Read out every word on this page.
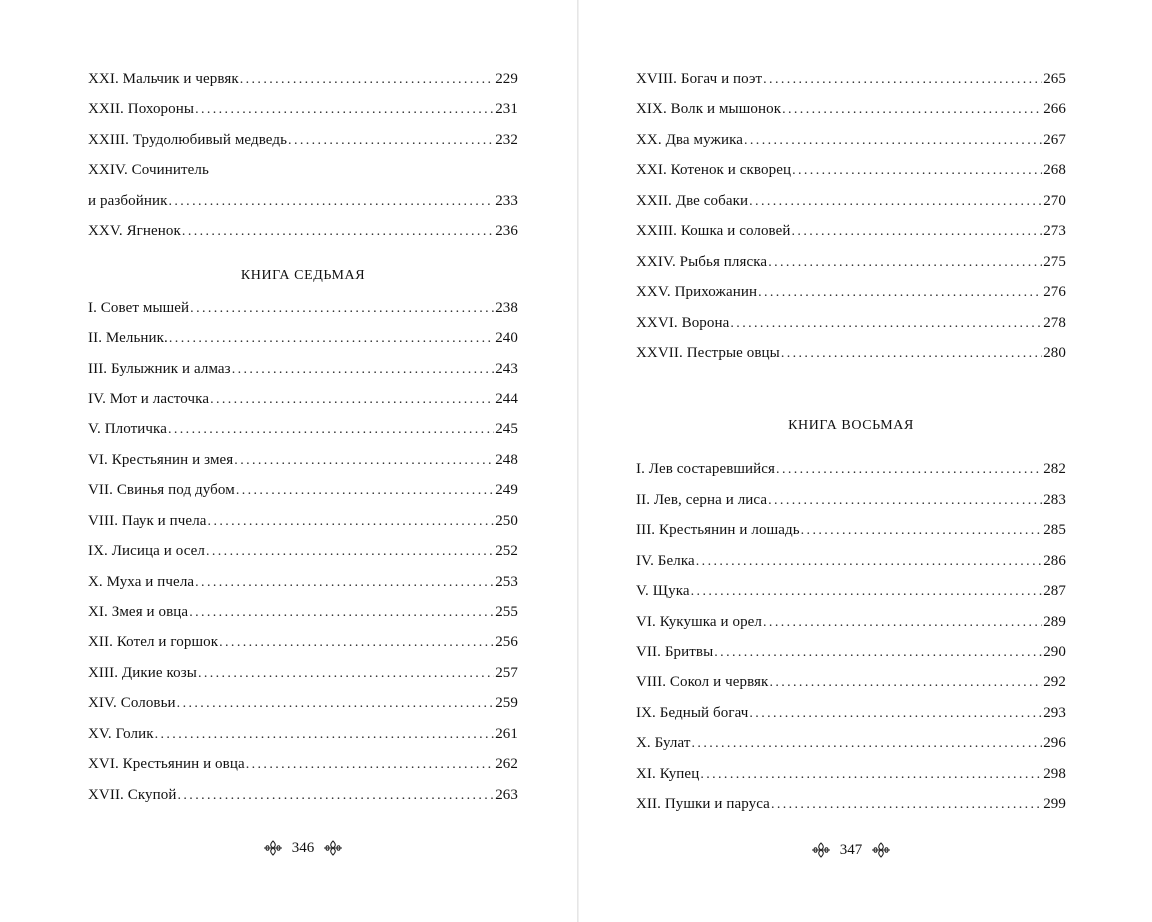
XXI. Мальчик и червяк .....	229
XXII. Похороны .....	231
XXIII. Трудолюбивый медведь .....	232
XXIV. Сочинитель
и разбойник .....	233
XXV. Ягненок .....	236
КНИГА СЕДЬМАЯ
I. Совет мышей .....	238
II. Мельник. .....	240
III. Булыжник и алмаз .....	243
IV. Мот и ласточка .....	244
V. Плотичка .....	245
VI. Крестьянин и змея .....	248
VII. Свинья под дубом .....	249
VIII. Паук и пчела .....	250
IX. Лисица и осел .....	252
X. Муха и пчела .....	253
XI. Змея и овца .....	255
XII. Котел и горшок .....	256
XIII. Дикие козы .....	257
XIV. Соловьи .....	259
XV. Голик .....	261
XVI. Крестьянин и овца .....	262
XVII. Скупой .....	263
346
XVIII. Богач и поэт .....	265
XIX. Волк и мышонок .....	266
XX. Два мужика .....	267
XXI. Котенок и скворец .....	268
XXII. Две собаки .....	270
XXIII. Кошка и соловей .....	273
XXIV. Рыбья пляска .....	275
XXV. Прихожанин .....	276
XXVI. Ворона .....	278
XXVII. Пестрые овцы .....	280
КНИГА ВОСЬМАЯ
I. Лев состаревшийся .....	282
II. Лев, серна и лиса .....	283
III. Крестьянин и лошадь .....	285
IV. Белка .....	286
V. Щука .....	287
VI. Кукушка и орел .....	289
VII. Бритвы .....	290
VIII. Сокол и червяк .....	292
IX. Бедный богач .....	293
X. Булат .....	296
XI. Купец .....	298
XII. Пушки и паруса .....	299
347
